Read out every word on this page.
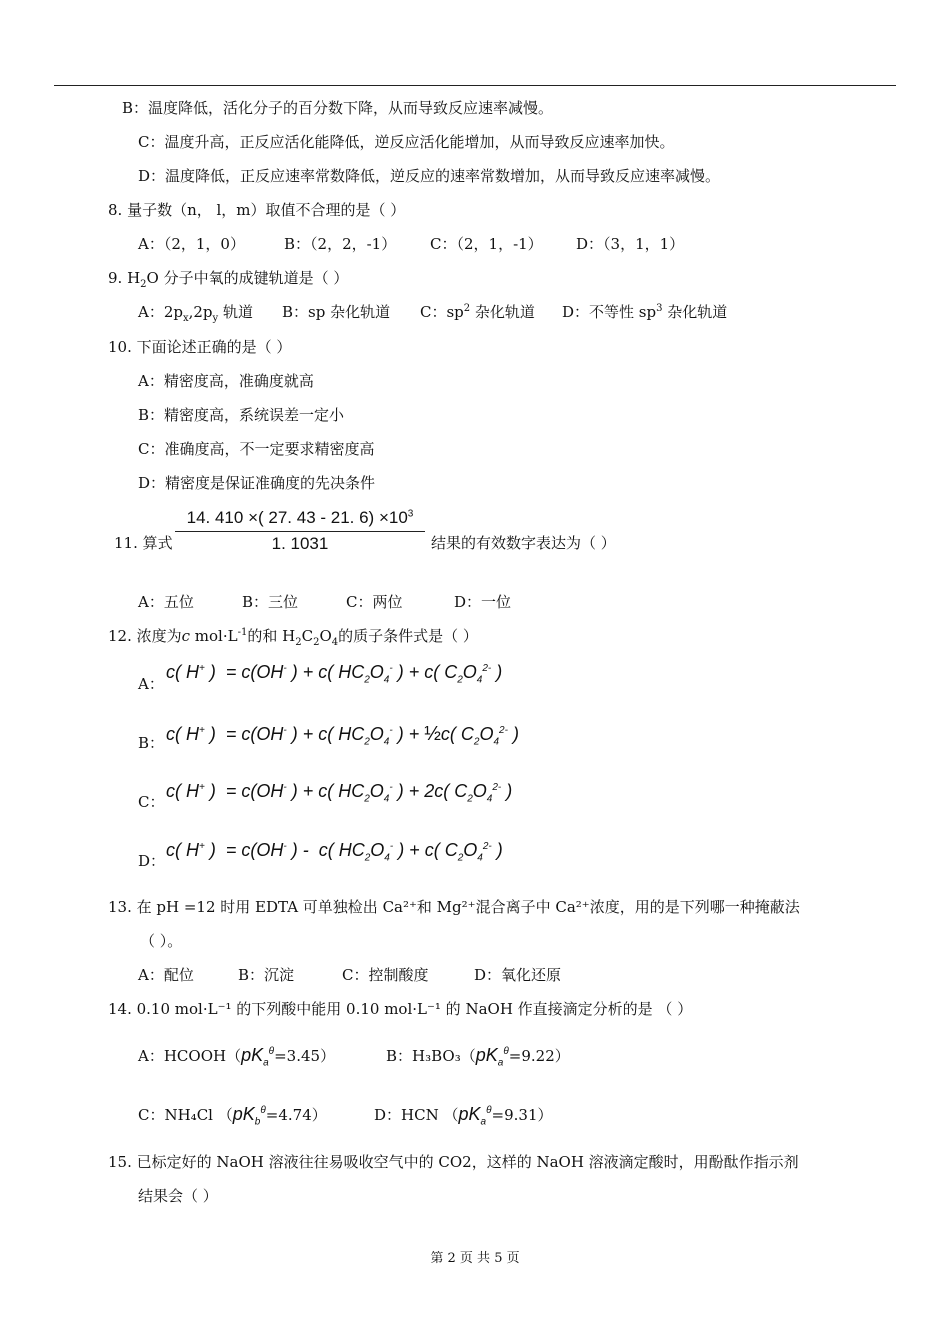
B：温度降低，活化分子的百分数下降，从而导致反应速率减慢。
C：温度升高，正反应活化能降低，逆反应活化能增加，从而导致反应速率加快。
D：温度降低，正反应速率常数降低，逆反应的速率常数增加，从而导致反应速率减慢。
8. 量子数（n， l，m）取值不合理的是（ ）
A：（2，1，0）	B：（2，2，-1） C：（2，1，-1） D：（3，1，1）
9. $H_2O$ 分子中氧的成键轨道是（ ）
A：$2p_x,2p_y$ 轨道 B：sp 杂化轨道 C：$sp^2$ 杂化轨道 D：不等性 $sp^3$ 杂化轨道
10. 下面论述正确的是（ ）
A：精密度高，准确度就高
B：精密度高，系统误差一定小
C：准确度高，不一定要求精密度高
D：精密度是保证准确度的先决条件
11. 算式 $\frac{14. 410 \times( 27. 43 - 21. 6) \times 10^3}{1. 1031}$ 结果的有效数字表达为（ ）
A：五位	B：三位	C：两位	D：一位
12. 浓度为c $mol\cdot L^{-1}$的和 $H_2C_2O_4$的质子条件式是（ ）
A：
c( H+ )  = c(OH- ) + c( $HC_2O_4^-$ ) + c( $C_2O_4^{2-}$ )
B： c( H+ )  = c(OH- ) + c( $HC_2O_4^-$ ) + ½c( $C_2O_4^{2-}$ )
C：
c( H+ )  = c(OH- ) + c( $HC_2O_4^-$ ) + 2c( $C_2O_4^{2-}$ )
D：
c( H+ )  = c(OH- ) -  c( $HC_2O_4^-$ ) + c( $C_2O_4^{2-}$ )
13. 在 pH =12 时用 EDTA 可单独检出 Ca²⁺和 Mg²⁺混合离子中 Ca²⁺浓度，用的是下列哪一种掩蔽法
（ ）。
A：配位	B：沉淀	C：控制酸度	D：氧化还原
14. 0.10 mol·L⁻¹ 的下列酸中能用 0.10 mol·L⁻¹ 的 NaOH 作直接滴定分析的是 （ ）
A：$HCOOH(pK_a^\theta=3.45)$	B：$H_3BO_3(pK_a^\theta=9.22)$
C：NH₄Cl $(pK_b^\theta=4.74)$	D：HCN $(pK_a^\theta=9.31)$
15. 已标定好的 NaOH 溶液往往易吸收空气中的 CO2，这样的 NaOH 溶液滴定酸时，用酚酞作指示剂
结果会（ ）
第 2 页 共 5 页
